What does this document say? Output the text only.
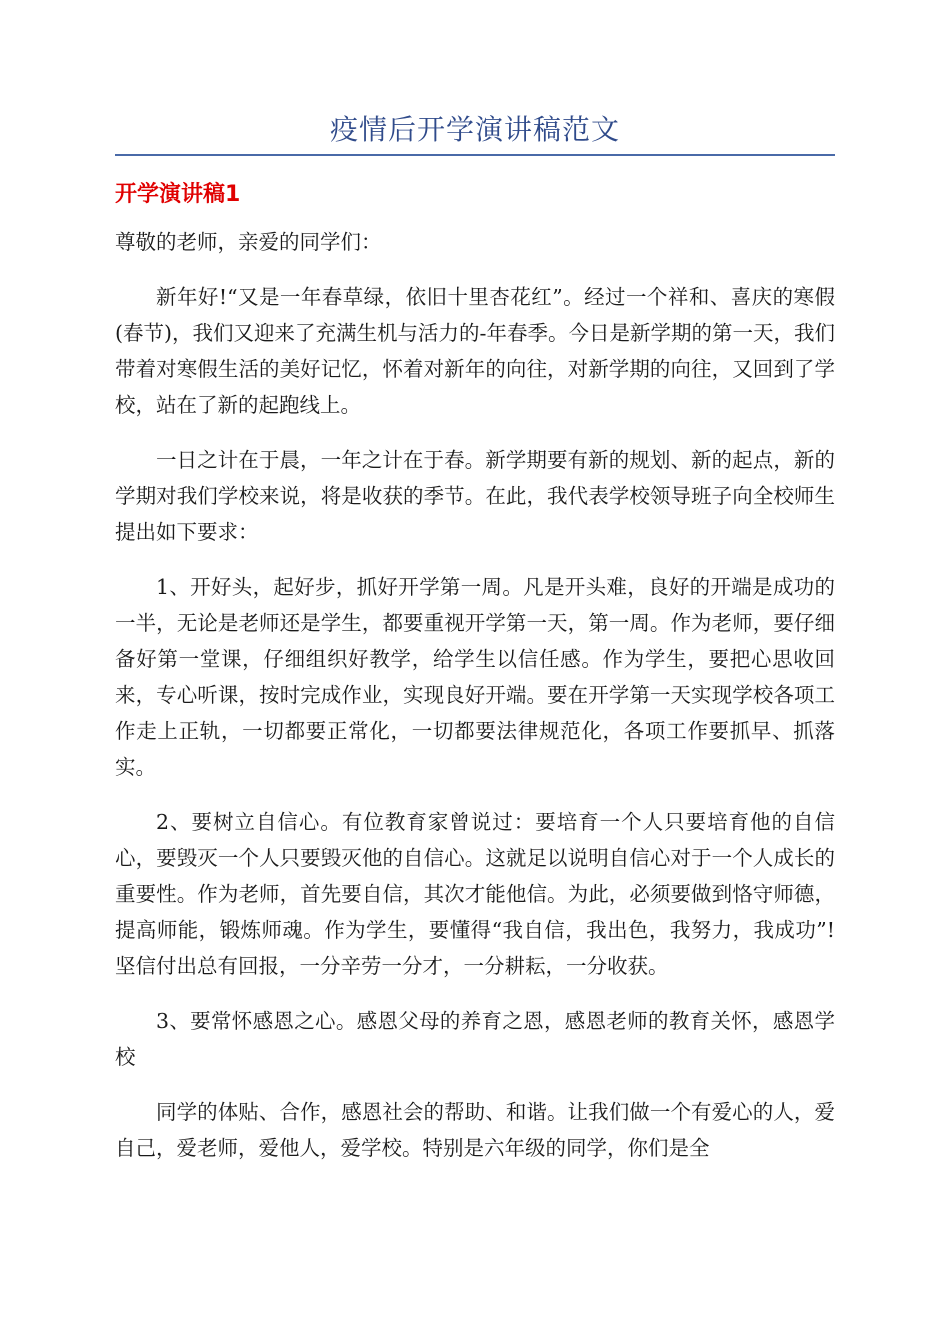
疫情后开学演讲稿范文
开学演讲稿1

尊敬的老师，亲爱的同学们：

新年好!“又是一年春草绿，依旧十里杏花红”。经过一个祥和、喜庆的寒假(春节)，我们又迎来了充满生机与活力的-年春季。今日是新学期的第一天，我们带着对寒假生活的美好记忆，怀着对新年的向往，对新学期的向往，又回到了学校，站在了新的起跑线上。

一日之计在于晨，一年之计在于春。新学期要有新的规划、新的起点，新的学期对我们学校来说，将是收获的季节。在此，我代表学校领导班子向全校师生提出如下要求：

1、开好头，起好步，抓好开学第一周。凡是开头难，良好的开端是成功的一半，无论是老师还是学生，都要重视开学第一天，第一周。作为老师，要仔细备好第一堂课，仔细组织好教学，给学生以信任感。作为学生，要把心思收回来，专心听课，按时完成作业，实现良好开端。要在开学第一天实现学校各项工作走上正轨，一切都要正常化，一切都要法律规范化，各项工作要抓早、抓落实。

2、要树立自信心。有位教育家曾说过：要培育一个人只要培育他的自信心，要毁灭一个人只要毁灭他的自信心。这就足以说明自信心对于一个人成长的重要性。作为老师，首先要自信，其次才能他信。为此，必须要做到恪守师德，提高师能，锻炼师魂。作为学生，要懂得“我自信，我出色，我努力，我成功”!坚信付出总有回报，一分辛劳一分才，一分耕耘，一分收获。

3、要常怀感恩之心。感恩父母的养育之恩，感恩老师的教育关怀，感恩学校

同学的体贴、合作，感恩社会的帮助、和谐。让我们做一个有爱心的人，爱自己，爱老师，爱他人，爱学校。特别是六年级的同学，你们是全
